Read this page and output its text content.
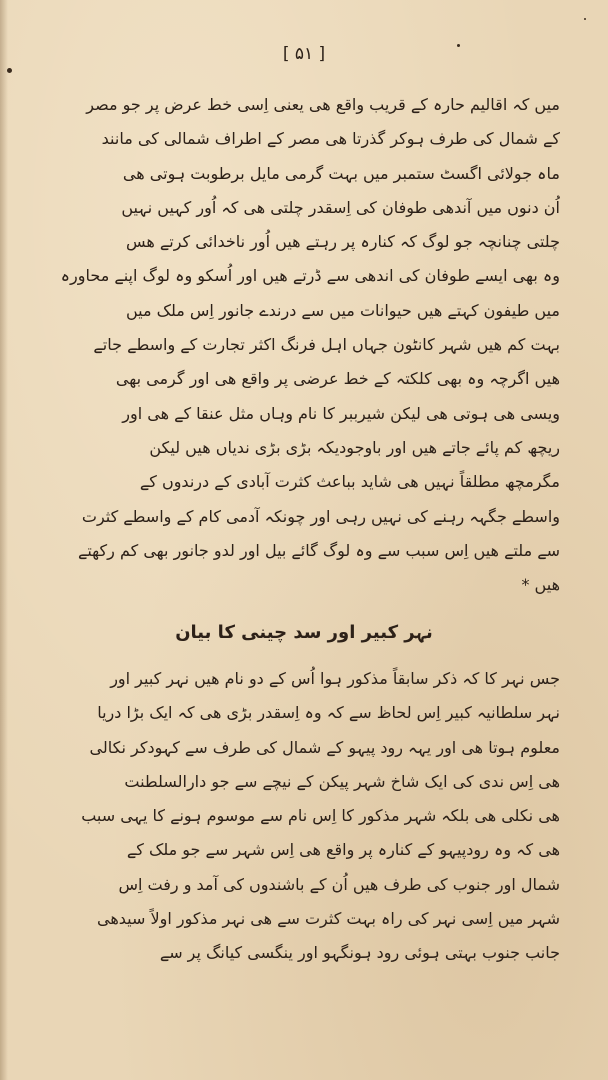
[ ۵۱ ]
میں کہ اقالیم حارہ کے قریب واقع ھی یعنی اِسی خط عرض پر جو مصر
کے شمال کی طرف ہوکر گذرتا ھی مصر کے اطراف شمالی کی مانند
ماہ جولائی اگسٹ ستمبر میں بہت گرمی مایل برطوبت ہوتی ھی
اُن دنوں میں آندھی طوفان کی اِسقدر چلتی ھی کہ اُور کہیں نہیں
چلتی چنانچہ جو لوگ کہ کنارہ پر رہتے ھیں اُور ناخدائی کرتے ھس
وہ بھی ایسے طوفان کی اندھی سے ڈرتے ھیں اور اُسکو وہ لوگ اپنے محاورہ
میں طیفون کہتے ھیں حیوانات میں سے درندے جانور اِس ملک میں
بہت کم ھیں شہر کانٹون جہاں اہل فرنگ اکثر تجارت کے واسطے جاتے
ھیں اگرچہ وہ بھی کلکتہ کے خط عرضی پر واقع ھی اور گرمی بھی
ویسی ھی ہوتی ھی لیکن شیرببر کا نام وہاں مثل عنقا کے ھی اور
ریچھ کم پائے جاتے ھیں اور باوجودیکہ بڑی بڑی ندیاں ھیں لیکن
مگرمچھ مطلقاً نہیں ھی شاید بباعث کثرت آبادی کے درندوں کے
واسطے جگہہ رہنے کی نہیں رہی اور چونکہ آدمی کام کے واسطے کثرت
سے ملتے ھیں اِس سبب سے وہ لوگ گائے بیل اور لدو جانور بھی کم رکھتے
ھیں *
نہر کبیر اور سد چینی کا بیان
جس نہر کا کہ ذکر سابقاً مذکور ہوا اُس کے دو نام ھیں نہر کبیر اور
نہر سلطانیہ کبیر اِس لحاظ سے کہ وہ اِسقدر بڑی ھی کہ ایک بڑا دریا
معلوم ہوتا ھی اور یہہ رود پیہو کے شمال کی طرف سے کہودکر نکالی
ھی اِس ندی کی ایک شاخ شہر پیکن کے نیچے سے جو دارالسلطنت
ھی نکلی ھی بلکہ شہر مذکور کا اِس نام سے موسوم ہونے کا یہی سبب
ھی کہ وہ رودپیہو کے کنارہ پر واقع ھی اِس شہر سے جو ملک کے
شمال اور جنوب کی طرف ھیں اُن کے باشندوں کی آمد و رفت اِس
شہر میں اِسی نہر کی راہ بہت کثرت سے ھی نہر مذکور اولاً سیدھی
جانب جنوب بہتی ہوئی رود ہونگہو اور ینگسی کیانگ پر سے
